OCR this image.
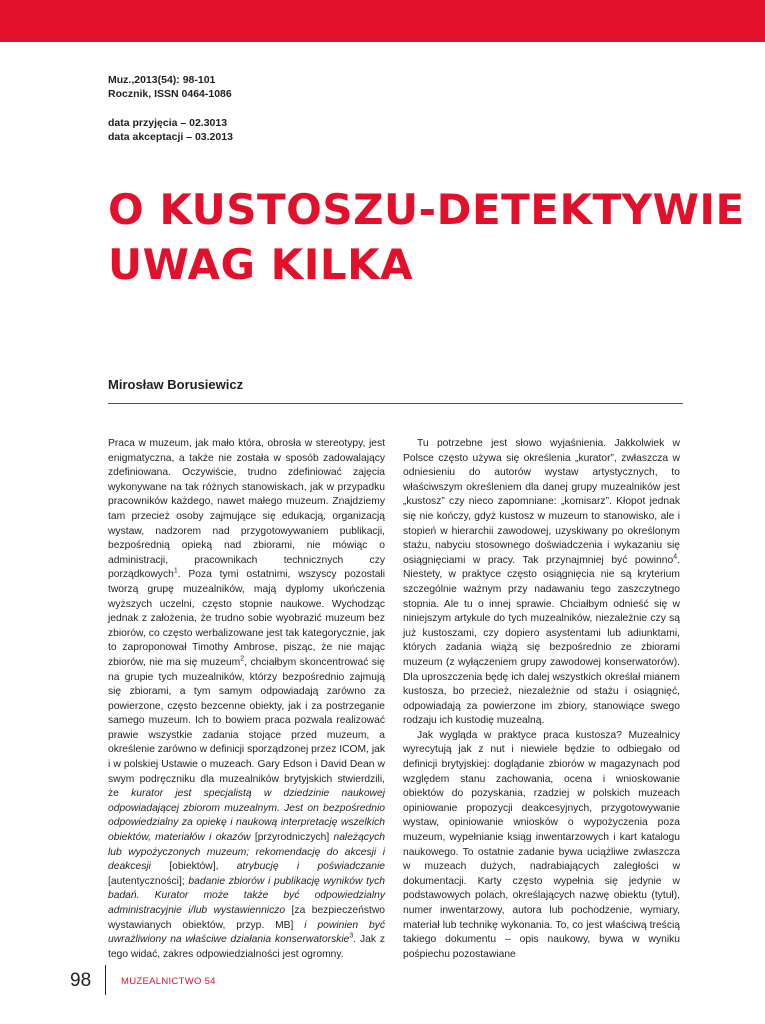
Muz.,2013(54): 98-101
Rocznik, ISSN 0464-1086
data przyjęcia – 02.3013
data akceptacji – 03.2013
O KUSTOSZU-DETEKTYWIE
UWAG KILKA
Mirosław Borusiewicz

Praca w muzeum, jak mało która, obrosła w stereotypy, jest enigmatyczna, a także nie została w sposób zadowalający zdefiniowana. Oczywiście, trudno zdefiniować zajęcia wykonywane na tak różnych stanowiskach, jak w przypadku pracowników każdego, nawet małego muzeum. Znajdziemy tam przecież osoby zajmujące się edukacją, organizacją wystaw, nadzorem nad przygotowywaniem publikacji, bezpośrednią opieką nad zbiorami, nie mówiąc o administracji, pracownikach technicznych czy porządkowych$^1$. Poza tymi ostatnimi, wszyscy pozostali tworzą grupę muzealników, mają dyplomy ukończenia wyższych uczelni, często stopnie naukowe. Wychodząc jednak z założenia, że trudno sobie wyobrazić muzeum bez zbiorów, co często werbalizowane jest tak kategorycznie, jak to zaproponował Timothy Ambrose, pisząc, że nie mając zbiorów, nie ma się muzeum$^2$, chciałbym skoncentrować się na grupie tych muzealników, którzy bezpośrednio zajmują się zbiorami, a tym samym odpowiadają zarówno za powierzone, często bezcenne obiekty, jak i za postrzeganie samego muzeum. Ich to bowiem praca pozwala realizować prawie wszystkie zadania stojące przed muzeum, a określenie zarówno w definicji sporządzonej przez ICOM, jak i w polskiej Ustawie o muzeach. Gary Edson i David Dean w swym podręczniku dla muzealników brytyjskich stwierdzili, że kurator jest specjalistą w dziedzinie naukowej odpowiadającej zbiorom muzealnym. Jest on bezpośrednio odpowiedzialny za opiekę i naukową interpretację wszelkich obiektów, materiałów i okazów [przyrodniczych] należących lub wypożyczonych muzeum; rekomendację do akcesji i deakcesji [obiektów], atrybucję i poświadczanie [autentyczności]; badanie zbiorów i publikację wyników tych badań. Kurator może także być odpowiedzialny administracyjnie i/lub wystawienniczo [za bezpieczeństwo wystawianych obiektów, przyp. MB] i powinien być uwrażliwiony na właściwe działania konserwatorskie$^3$. Jak z tego widać, zakres odpowiedzialności jest ogromny.

Tu potrzebne jest słowo wyjaśnienia. Jakkolwiek w Polsce często używa się określenia „kurator”, zwłaszcza w odniesieniu do autorów wystaw artystycznych, to właściwszym określeniem dla danej grupy muzealników jest „kustosz” czy nieco zapomniane: „komisarz”. Kłopot jednak się nie kończy, gdyż kustosz w muzeum to stanowisko, ale i stopień w hierarchii zawodowej, uzyskiwany po określonym stażu, nabyciu stosownego doświadczenia i wykazaniu się osiągnięciami w pracy. Tak przynajmniej być powinno$^4$. Niestety, w praktyce często osiągnięcia nie są kryterium szczególnie ważnym przy nadawaniu tego zaszczytnego stopnia. Ale tu o innej sprawie. Chciałbym odnieść się w niniejszym artykule do tych muzealników, niezależnie czy są już kustoszami, czy dopiero asystentami lub adiunktami, których zadania wiążą się bezpośrednio ze zbiorami muzeum (z wyłączeniem grupy zawodowej konserwatorów). Dla uproszczenia będę ich dalej wszystkich określał mianem kustosza, bo przecież, niezależnie od stażu i osiągnięć, odpowiadają za powierzone im zbiory, stanowiące swego rodzaju ich kustodię muzealną.

Jak wygląda w praktyce praca kustosza? Muzealnicy wyrecytują jak z nut i niewiele będzie to odbiegało od definicji brytyjskiej: doglądanie zbiorów w magazynach pod względem stanu zachowania, ocena i wnioskowanie obiektów do pozyskania, rzadziej w polskich muzeach opiniowanie propozycji deakcesyjnych, przygotowywanie wystaw, opiniowanie wniosków o wypożyczenia poza muzeum, wypełnianie ksiąg inwentarzowych i kart katalogu naukowego. To ostatnie zadanie bywa uciążliwe zwłaszcza w muzeach dużych, nadrabiających zaległości w dokumentacji. Karty często wypełnia się jedynie w podstawowych polach, określających nazwę obiektu (tytuł), numer inwentarzowy, autora lub pochodzenie, wymiary, materiał lub technikę wykonania. To, co jest właściwą treścią takiego dokumentu – opis naukowy, bywa w wyniku pośpiechu pozostawiane

98	MUZEALNICTWO 54
